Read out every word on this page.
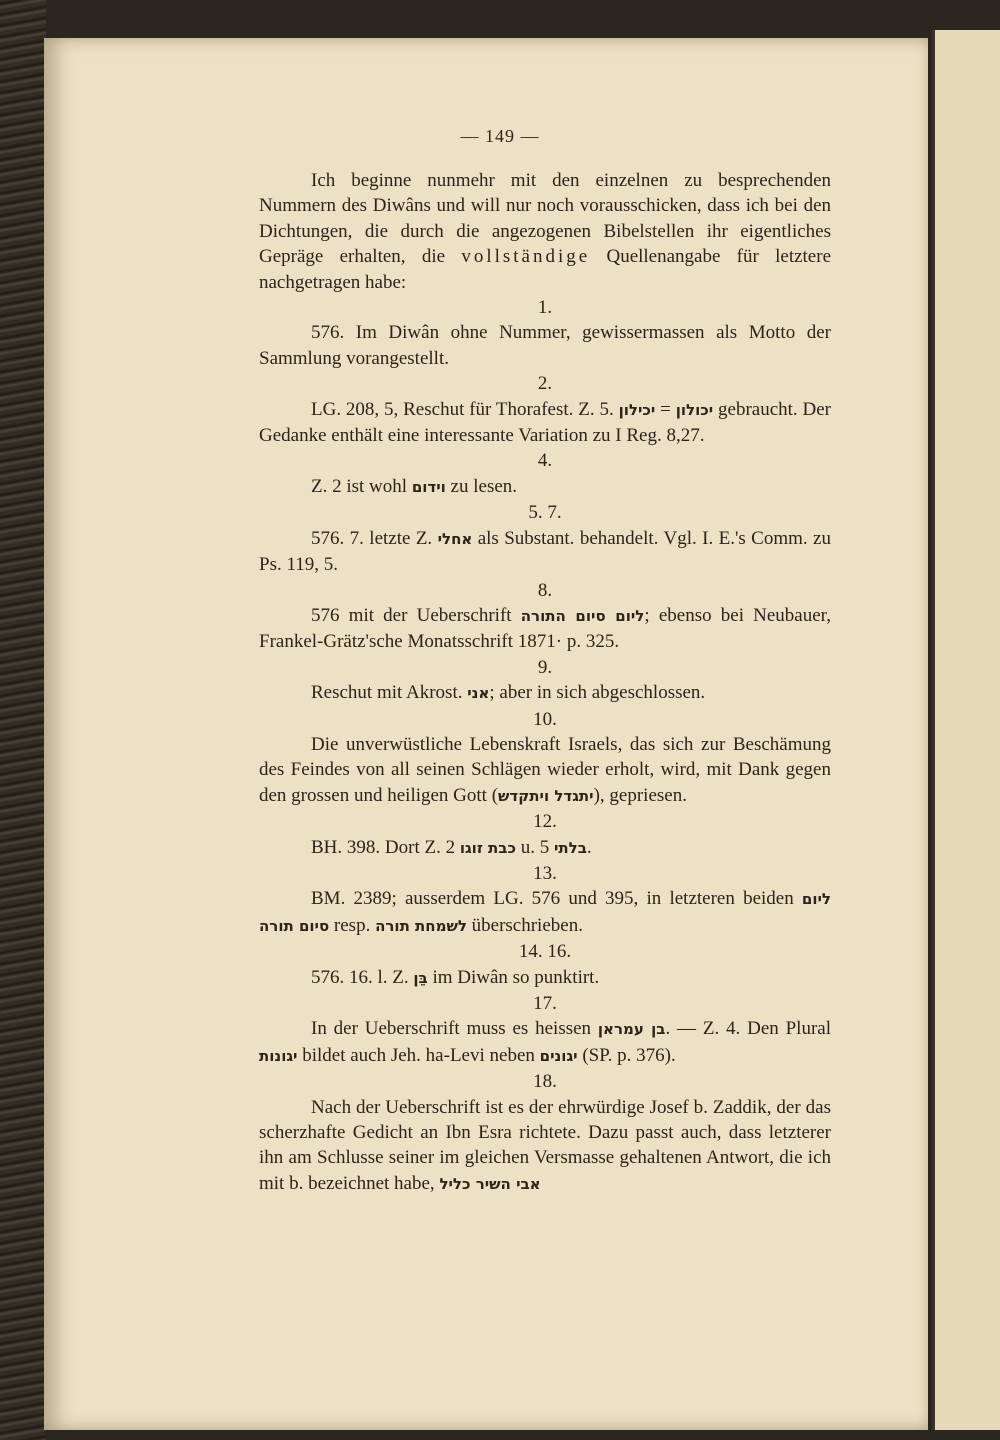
— 149 —

Ich beginne nunmehr mit den einzelnen zu besprechenden Nummern des Diwâns und will nur noch vorausschicken, dass ich bei den Dichtungen, die durch die angezogenen Bibelstellen ihr eigentliches Gepräge erhalten, die vollständige Quellenangabe für letztere nachgetragen habe:

1.

576. Im Diwân ohne Nummer, gewissermassen als Motto der Sammlung vorangestellt.

2.

LG. 208, 5, Reschut für Thorafest. Z. 5. יכילון = יכולון gebraucht. Der Gedanke enthält eine interessante Variation zu I Reg. 8,27.

4.

Z. 2 ist wohl וידום zu lesen.

5. 7.

576. 7. letzte Z. אחלי als Substant. behandelt. Vgl. I. E.'s Comm. zu Ps. 119, 5.

8.

576 mit der Ueberschrift ליום סיום התורה; ebenso bei Neubauer, Frankel-Grätz'sche Monatsschrift 1871· p. 325.

9.

Reschut mit Akrost. אני; aber in sich abgeschlossen.

10.

Die unverwüstliche Lebenskraft Israels, das sich zur Beschämung des Feindes von all seinen Schlägen wieder erholt, wird, mit Dank gegen den grossen und heiligen Gott (יתגדל ויתקדש), gepriesen.

12.

BH. 398. Dort Z. 2 כבת זוגו u. 5 בלתי.

13.

BM. 2389; ausserdem LG. 576 und 395, in letzteren beiden ליום סיום תורה resp. לשמחת תורה überschrieben.

14. 16.

576. 16. l. Z. בֵּן im Diwân so punktirt.

17.

In der Ueberschrift muss es heissen בן עמראן. — Z. 4. Den Plural יגונות bildet auch Jeh. ha-Levi neben יגונים (SP. p. 376).

18.

Nach der Ueberschrift ist es der ehrwürdige Josef b. Zaddik, der das scherzhafte Gedicht an Ibn Esra richtete. Dazu passt auch, dass letzterer ihn am Schlusse seiner im gleichen Versmasse gehaltenen Antwort, die ich mit b. bezeichnet habe, אבי השיר כליל
